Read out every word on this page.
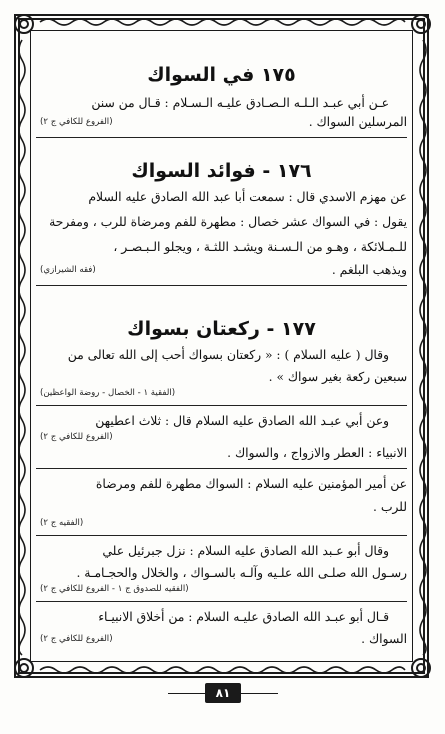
١٧٥ في السواك

عـن أبي عبـد الـلـه الـصـادق عليـه الـسـلام : قـال من سنن

المرسلين السواك .
(الفروع للكافي ج ٢)

١٧٦ - فوائد السواك

عن مهزم الاسدي قال : سمعت أبا عبد الله الصادق عليه السلام

يقول : في السواك عشر خصال : مطهرة للفم ومرضاة للرب ، ومفرحة

للـمـلائكة ، وهـو من الـسـنة ويشـد اللثـة ، ويجلو الـبـصـر ،

ويذهب البلغم .
(فقه الشيرازي)

١٧٧ - ركعتان بسواك

وقال ( عليه السلام ) : « ركعتان بسواك أحب إلى الله تعالى من

سبعين ركعة بغير سواك » .

(الفقية ١ - الخصال - روضة الواعظين)

وعن أبي عبـد الله الصادق عليه السلام قال : ثلاث اعطيهن

(الفروع للكافي ج ٢)

الانبياء : العطر والازواج ، والسواك .

عن أمير المؤمنين عليه السلام : السواك مطهرة للفم ومرضاة

للرب .

(الفقيه ج ٢)

وقال أبو عـبد الله الصادق عليه السلام : نزل جبرئيل علي

رسـول الله صلـى الله علـيه وآلـه بالسـواك ، والخلال والحجـامـة .

(الفقيه للصدوق ج ١ - الفروع للكافي ج ٢)

قـال أبو عبـد الله الصادق عليـه السلام : من أخلاق الانبيـاء

السواك .
(الفروع للكافي ج ٢)

٨١
